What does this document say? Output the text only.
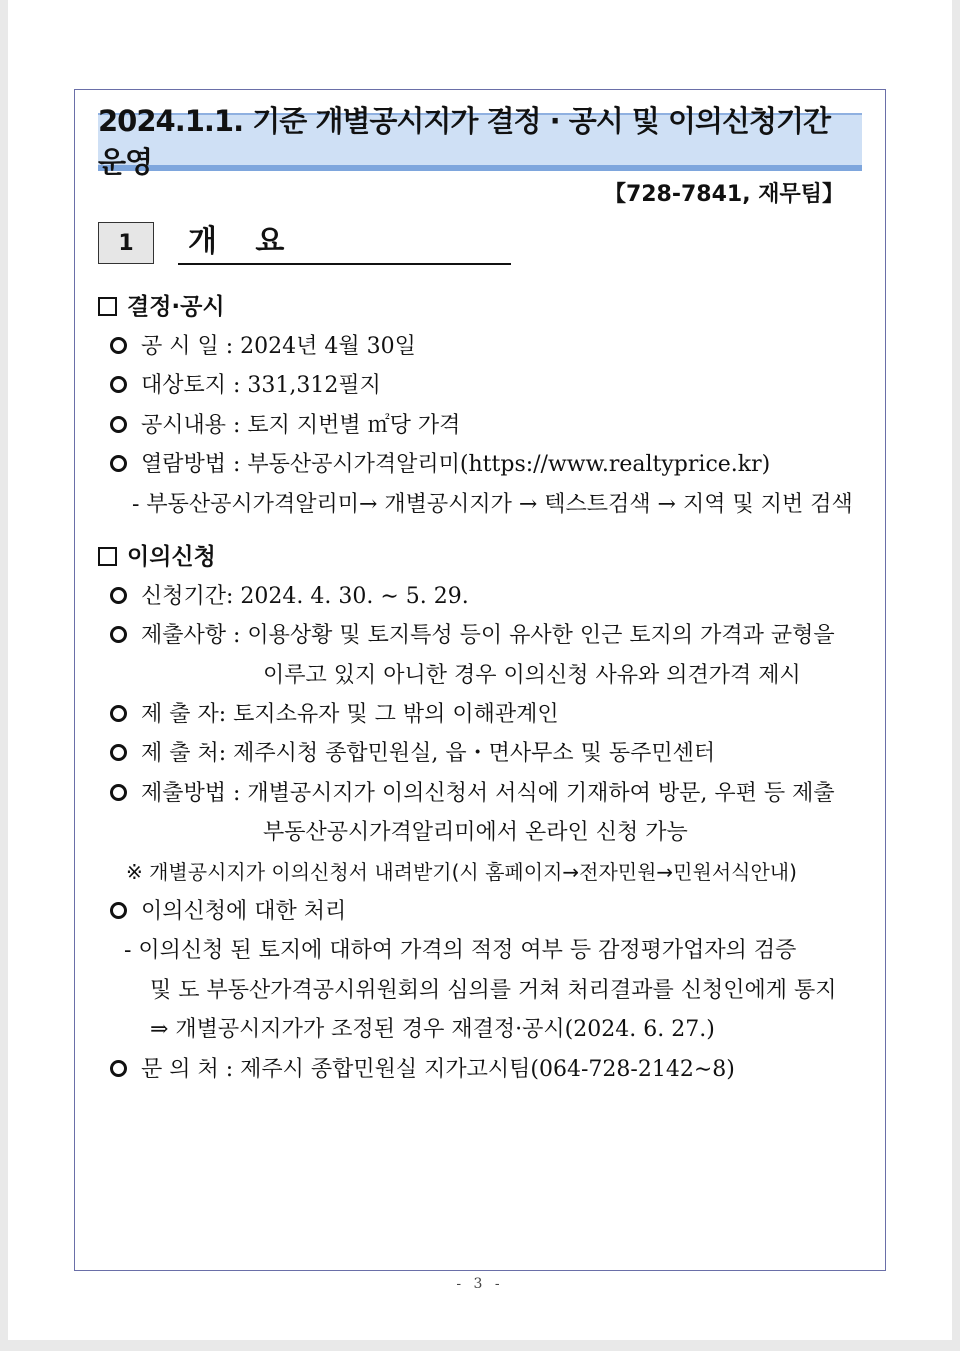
2024.1.1. 기준 개별공시지가 결정 · 공시 및 이의신청기간 운영
【728-7841, 재무팀】
1	개 요
결정·공시
공 시 일 : 2024년 4월 30일
대상토지 : 331,312필지
공시내용 : 토지 지번별 ㎡당 가격
열람방법 : 부동산공시가격알리미(https://www.realtyprice.kr)
- 부동산공시가격알리미→ 개별공시지가 → 텍스트검색 → 지역 및 지번 검색
이의신청
신청기간: 2024. 4. 30. ∼ 5. 29.
제출사항 : 이용상황 및 토지특성 등이 유사한 인근 토지의 가격과 균형을
이루고 있지 아니한 경우 이의신청 사유와 의견가격 제시
제 출 자: 토지소유자 및 그 밖의 이해관계인
제 출 처: 제주시청 종합민원실, 읍・면사무소 및 동주민센터
제출방법 : 개별공시지가 이의신청서 서식에 기재하여 방문, 우편 등 제출
부동산공시가격알리미에서 온라인 신청 가능
※ 개별공시지가 이의신청서 내려받기(시 홈페이지→전자민원→민원서식안내)
이의신청에 대한 처리
- 이의신청 된 토지에 대하여 가격의 적정 여부 등 감정평가업자의 검증
및 도 부동산가격공시위원회의 심의를 거쳐 처리결과를 신청인에게 통지
⇒ 개별공시지가가 조정된 경우 재결정·공시(2024. 6. 27.)
문 의 처 : 제주시 종합민원실 지가고시팀(064-728-2142∼8)
- 3 -
